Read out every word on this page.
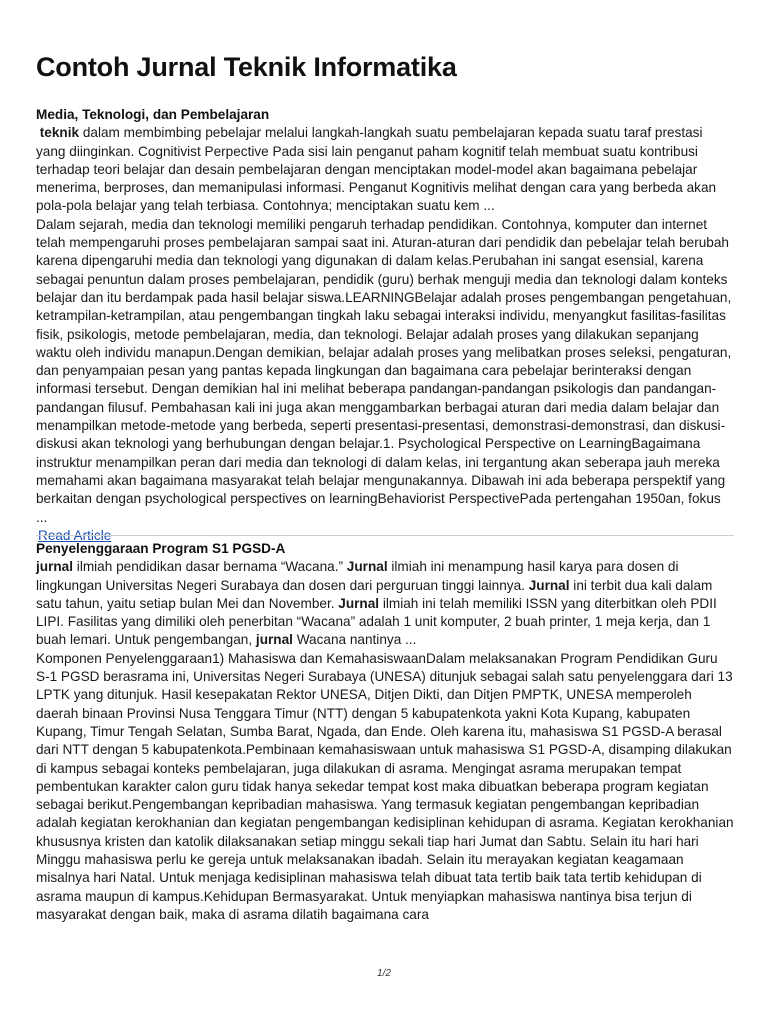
Contoh Jurnal Teknik Informatika

Media, Teknologi, dan Pembelajaran

teknik dalam membimbing pebelajar melalui langkah-langkah suatu pembelajaran kepada suatu taraf prestasi yang diinginkan. Cognitivist Perpective Pada sisi lain penganut paham kognitif telah membuat suatu kontribusi terhadap teori belajar dan desain pembelajaran dengan menciptakan model-model akan bagaimana pebelajar menerima, berproses, dan memanipulasi informasi. Penganut Kognitivis melihat dengan cara yang berbeda akan pola-pola belajar yang telah terbiasa. Contohnya; menciptakan suatu kem ...

Dalam sejarah, media dan teknologi memiliki pengaruh terhadap pendidikan. Contohnya, komputer dan internet telah mempengaruhi proses pembelajaran sampai saat ini. Aturan-aturan dari pendidik dan pebelajar telah berubah karena dipengaruhi media dan teknologi yang digunakan di dalam kelas.Perubahan ini sangat esensial, karena sebagai penuntun dalam proses pembelajaran, pendidik (guru) berhak menguji media dan teknologi dalam konteks belajar dan itu berdampak pada hasil belajar siswa.LEARNINGBelajar adalah proses pengembangan pengetahuan, ketrampilan-ketrampilan, atau pengembangan tingkah laku sebagai interaksi individu, menyangkut fasilitas-fasilitas fisik, psikologis, metode pembelajaran, media, dan teknologi. Belajar adalah proses yang dilakukan sepanjang waktu oleh individu manapun.Dengan demikian, belajar adalah proses yang melibatkan proses seleksi, pengaturan, dan penyampaian pesan yang pantas kepada lingkungan dan bagaimana cara pebelajar berinteraksi dengan informasi tersebut. Dengan demikian hal ini melihat beberapa pandangan-pandangan psikologis dan pandangan-pandangan filusuf. Pembahasan kali ini juga akan menggambarkan berbagai aturan dari media dalam belajar dan menampilkan metode-metode yang berbeda, seperti presentasi-presentasi, demonstrasi-demonstrasi, dan diskusi-diskusi akan teknologi yang berhubungan dengan belajar.1. Psychological Perspective on LearningBagaimana instruktur menampilkan peran dari media dan teknologi di dalam kelas, ini tergantung akan seberapa jauh mereka memahami akan bagaimana masyarakat telah belajar mengunakannya. Dibawah ini ada beberapa perspektif yang berkaitan dengan psychological perspectives on learningBehaviorist PerspectivePada pertengahan 1950an, fokus ...

Read Article

Penyelenggaraan Program S1 PGSD-A

jurnal ilmiah pendidikan dasar bernama “Wacana.” Jurnal ilmiah ini menampung hasil karya para dosen di lingkungan Universitas Negeri Surabaya dan dosen dari perguruan tinggi lainnya. Jurnal ini terbit dua kali dalam satu tahun, yaitu setiap bulan Mei dan November. Jurnal ilmiah ini telah memiliki ISSN yang diterbitkan oleh PDII LIPI. Fasilitas yang dimiliki oleh penerbitan “Wacana” adalah 1 unit komputer, 2 buah printer, 1 meja kerja, dan 1 buah lemari. Untuk pengembangan, jurnal Wacana nantinya ...

Komponen Penyelenggaraan1) Mahasiswa dan KemahasiswaanDalam melaksanakan Program Pendidikan Guru S-1 PGSD berasrama ini, Universitas Negeri Surabaya (UNESA) ditunjuk sebagai salah satu penyelenggara dari 13 LPTK yang ditunjuk. Hasil kesepakatan Rektor UNESA, Ditjen Dikti, dan Ditjen PMPTK, UNESA memperoleh daerah binaan Provinsi Nusa Tenggara Timur (NTT) dengan 5 kabupatenkota yakni Kota Kupang, kabupaten Kupang, Timur Tengah Selatan, Sumba Barat, Ngada, dan Ende. Oleh karena itu, mahasiswa S1 PGSD-A berasal dari NTT dengan 5 kabupatenkota.Pembinaan kemahasiswaan untuk mahasiswa S1 PGSD-A, disamping dilakukan di kampus sebagai konteks pembelajaran, juga dilakukan di asrama. Mengingat asrama merupakan tempat pembentukan karakter calon guru tidak hanya sekedar tempat kost maka dibuatkan beberapa program kegiatan sebagai berikut.Pengembangan kepribadian mahasiswa. Yang termasuk kegiatan pengembangan kepribadian adalah kegiatan kerokhanian dan kegiatan pengembangan kedisiplinan kehidupan di asrama. Kegiatan kerokhanian khususnya kristen dan katolik dilaksanakan setiap minggu sekali tiap hari Jumat dan Sabtu. Selain itu hari hari Minggu mahasiswa perlu ke gereja untuk melaksanakan ibadah. Selain itu merayakan kegiatan keagamaan misalnya hari Natal. Untuk menjaga kedisiplinan mahasiswa telah dibuat tata tertib baik tata tertib kehidupan di asrama maupun di kampus.Kehidupan Bermasyarakat. Untuk menyiapkan mahasiswa nantinya bisa terjun di masyarakat dengan baik, maka di asrama dilatih bagaimana cara

1/2
